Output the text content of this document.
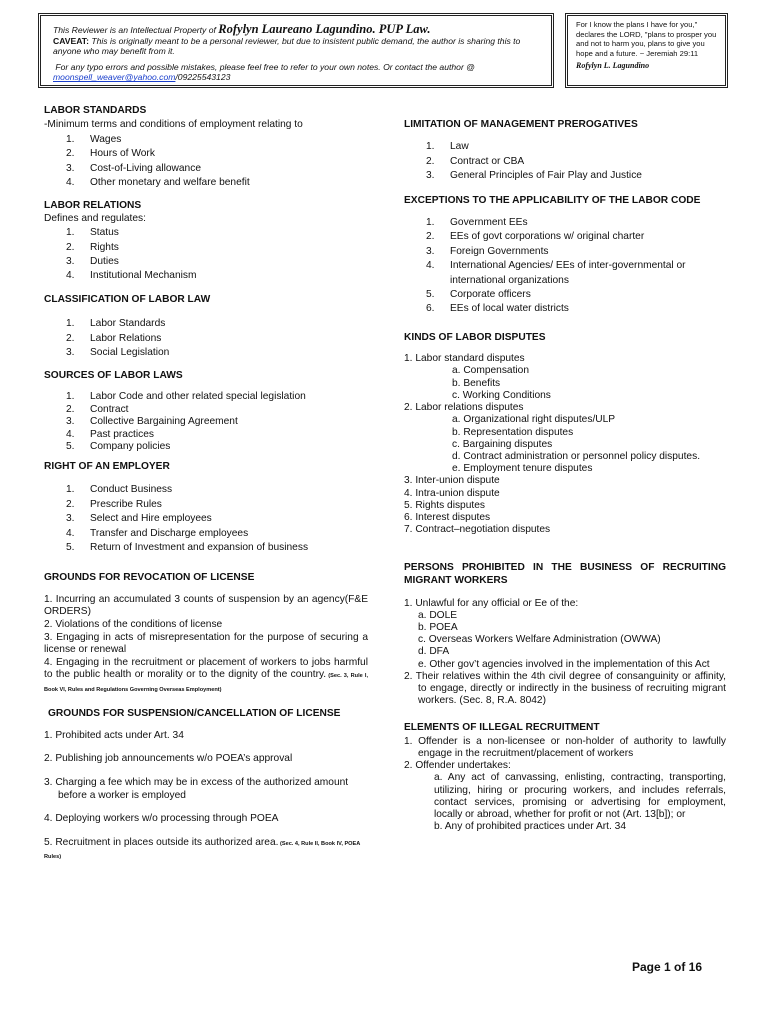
This Reviewer is an Intellectual Property of Rofylyn Laureano Lagundino. PUP Law.
CAVEAT: This is originally meant to be a personal reviewer, but due to insistent public demand, the author is sharing this to anyone who may benefit from it.
For any typo errors and possible mistakes, please feel free to refer to your own notes. Or contact the author @
moonspell_weaver@yahoo.com/09225543123
For I know the plans I have for you," declares the LORD, "plans to prosper you and not to harm you, plans to give you hope and a future. ~ Jeremiah 29:11
Rofylyn L. Lagundino

LABOR STANDARDS

-Minimum terms and conditions of employment relating to

1. Wages
2. Hours of Work
3. Cost-of-Living allowance
4. Other monetary and welfare benefit

LABOR RELATIONS

Defines and regulates:

1. Status
2. Rights
3. Duties
4. Institutional Mechanism

CLASSIFICATION OF LABOR LAW

1. Labor Standards
2. Labor Relations
3. Social Legislation

SOURCES OF LABOR LAWS

1. Labor Code and other related special legislation
2. Contract
3. Collective Bargaining Agreement
4. Past practices
5. Company policies

RIGHT OF AN EMPLOYER

1. Conduct Business
2. Prescribe Rules
3. Select and Hire employees
4. Transfer and Discharge employees
5. Return of Investment and expansion of business

GROUNDS FOR REVOCATION OF LICENSE

1. Incurring an accumulated 3 counts of suspension by an agency(F&E ORDERS)

2. Violations of the conditions of license

3. Engaging in acts of misrepresentation for the purpose of securing a license or renewal

4. Engaging in the recruitment or placement of workers to jobs harmful to the public health or morality or to the dignity of the country. (Sec. 3, Rule I, Book VI, Rules and Regulations Governing Overseas Employment)

GROUNDS FOR SUSPENSION/CANCELLATION OF LICENSE

1. Prohibited acts under Art. 34

2. Publishing job announcements w/o POEA’s approval

3. Charging a fee which may be in excess of the authorized amount before a worker is employed

4. Deploying workers w/o processing through POEA

5. Recruitment in places outside its authorized area. (Sec. 4, Rule II, Book IV, POEA Rules)

LIMITATION OF MANAGEMENT PREROGATIVES

1. Law
2. Contract or CBA
3. General Principles of Fair Play and Justice

EXCEPTIONS TO THE APPLICABILITY OF THE LABOR CODE

1. Government EEs
2. EEs of govt corporations w/ original charter
3. Foreign Governments
4. International Agencies/ EEs of inter-governmental or international organizations
5. Corporate officers
6. EEs of local water districts

KINDS OF LABOR DISPUTES

1. Labor standard disputes

a. Compensation

b. Benefits

c. Working Conditions

2. Labor relations disputes

a. Organizational right disputes/ULP

b. Representation disputes

c. Bargaining disputes

d. Contract administration or personnel policy disputes.

e. Employment tenure disputes

3. Inter-union dispute

4. Intra-union dispute

5. Rights disputes

6. Interest disputes

7. Contract–negotiation disputes

PERSONS PROHIBITED IN THE BUSINESS OF RECRUITING MIGRANT WORKERS

1. Unlawful for any official or Ee of the:

a. DOLE

b. POEA

c. Overseas Workers Welfare Administration (OWWA)

d. DFA

e. Other gov’t agencies involved in the implementation of this Act

2. Their relatives within the 4th civil degree of consanguinity or affinity, to engage, directly or indirectly in the business of recruiting migrant workers. (Sec. 8, R.A. 8042)

ELEMENTS OF ILLEGAL RECRUITMENT

1. Offender is a non-licensee or non-holder of authority to lawfully engage in the recruitment/placement of workers

2. Offender undertakes:

a. Any act of canvassing, enlisting, contracting, transporting, utilizing, hiring or procuring workers, and includes referrals, contact services, promising or advertising for employment, locally or abroad, whether for profit or not (Art. 13[b]); or

b. Any of prohibited practices under Art. 34

Page 1 of 16
